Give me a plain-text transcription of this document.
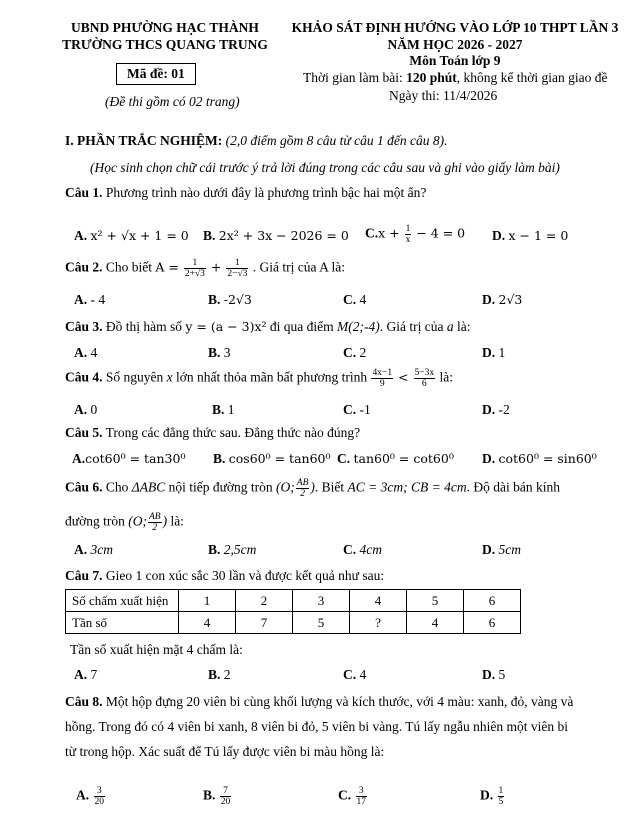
UBND PHƯỜNG HẠC THÀNH
TRƯỜNG THCS QUANG TRUNG
Mã đề: 01
(Đề thi gồm có 02 trang)
KHẢO SÁT ĐỊNH HƯỚNG VÀO LỚP 10 THPT LẦN 3
NĂM HỌC 2026 - 2027
Môn Toán lớp 9
Thời gian làm bài: 120 phút, không kể thời gian giao đề
Ngày thi: 11/4/2026
I. PHẦN TRẮC NGHIỆM: (2,0 điểm gồm 8 câu từ câu 1 đến câu 8).
(Học sinh chọn chữ cái trước ý trả lời đúng trong các câu sau và ghi vào giấy làm bài)
Câu 1. Phương trình nào dưới đây là phương trình bậc hai một ẩn?
A. x² + √x + 1 = 0 B. 2x² + 3x − 2026 = 0 $C.x + \frac{1}{x} - 4 = 0$ D. x − 1 = 0
Câu 2. Cho biết $A = \frac{1}{2+√3} + \frac{1}{2-√3}$ . Giá trị của A là:
A. - 4	B. -2√3	C. 4	D. 2√3
Câu 3. Đồ thị hàm số y = (a − 3)x² đi qua điểm M(2;-4). Giá trị của a là:
A. 4	B. 3	C. 2	D. 1
Câu 4. Số nguyên x lớn nhất thỏa mãn bất phương trình $\frac{4x-1}{9} < \frac{5-3x}{6}$ là:
A. 0	B. 1	C. -1	D. -2
Câu 5. Trong các đẳng thức sau. Đẳng thức nào đúng?
A.cot60⁰ = tan30⁰ B. cos60⁰ = tan60⁰ C. tan60⁰ = cot60⁰ D. cot60⁰ = sin60⁰
Câu 6. Cho ΔABC nội tiếp đường tròn (O; $\frac{AB}{2}$ ). Biết AC = 3cm; CB = 4cm. Độ dài bán kính
đường tròn (O; $\frac{AB}{2}$ ) là:
A. 3cm	B. 2,5cm	C. 4cm	D. 5cm
Câu 7. Gieo 1 con xúc sắc 30 lần và được kết quả như sau:
Số chấm xuất hiện	1	2	3	4	5	6
Tần số	4	7	5	?	4	6
Tần số xuất hiện mặt 4 chấm là:
A. 7	B. 2	C. 4	D. 5
Câu 8. Một hộp đựng 20 viên bi cùng khối lượng và kích thước, với 4 màu: xanh, đỏ, vàng và
hồng. Trong đó có 4 viên bi xanh, 8 viên bi đỏ, 5 viên bi vàng. Tú lấy ngẫu nhiên một viên bi
từ trong hộp. Xác suất để Tú lấy được viên bi màu hồng là:
A. $\frac{3}{20}$	B. $\frac{7}{20}$	C. $\frac{3}{17}$	D. $\frac{1}{5}$
